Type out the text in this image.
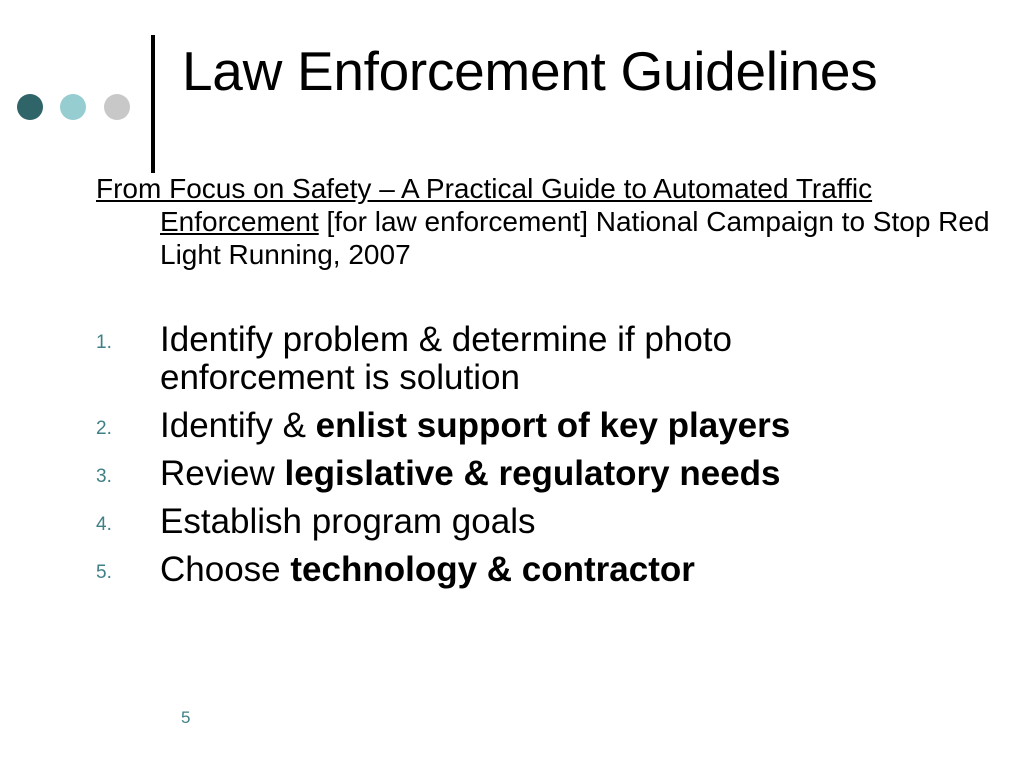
Law Enforcement Guidelines

From Focus on Safety – A Practical Guide to Automated Traffic Enforcement [for law enforcement] National Campaign to Stop Red Light Running, 2007

1. Identify problem & determine if photo enforcement is solution
2. Identify & enlist support of key players
3. Review legislative & regulatory needs
4. Establish program goals
5. Choose technology & contractor
5
